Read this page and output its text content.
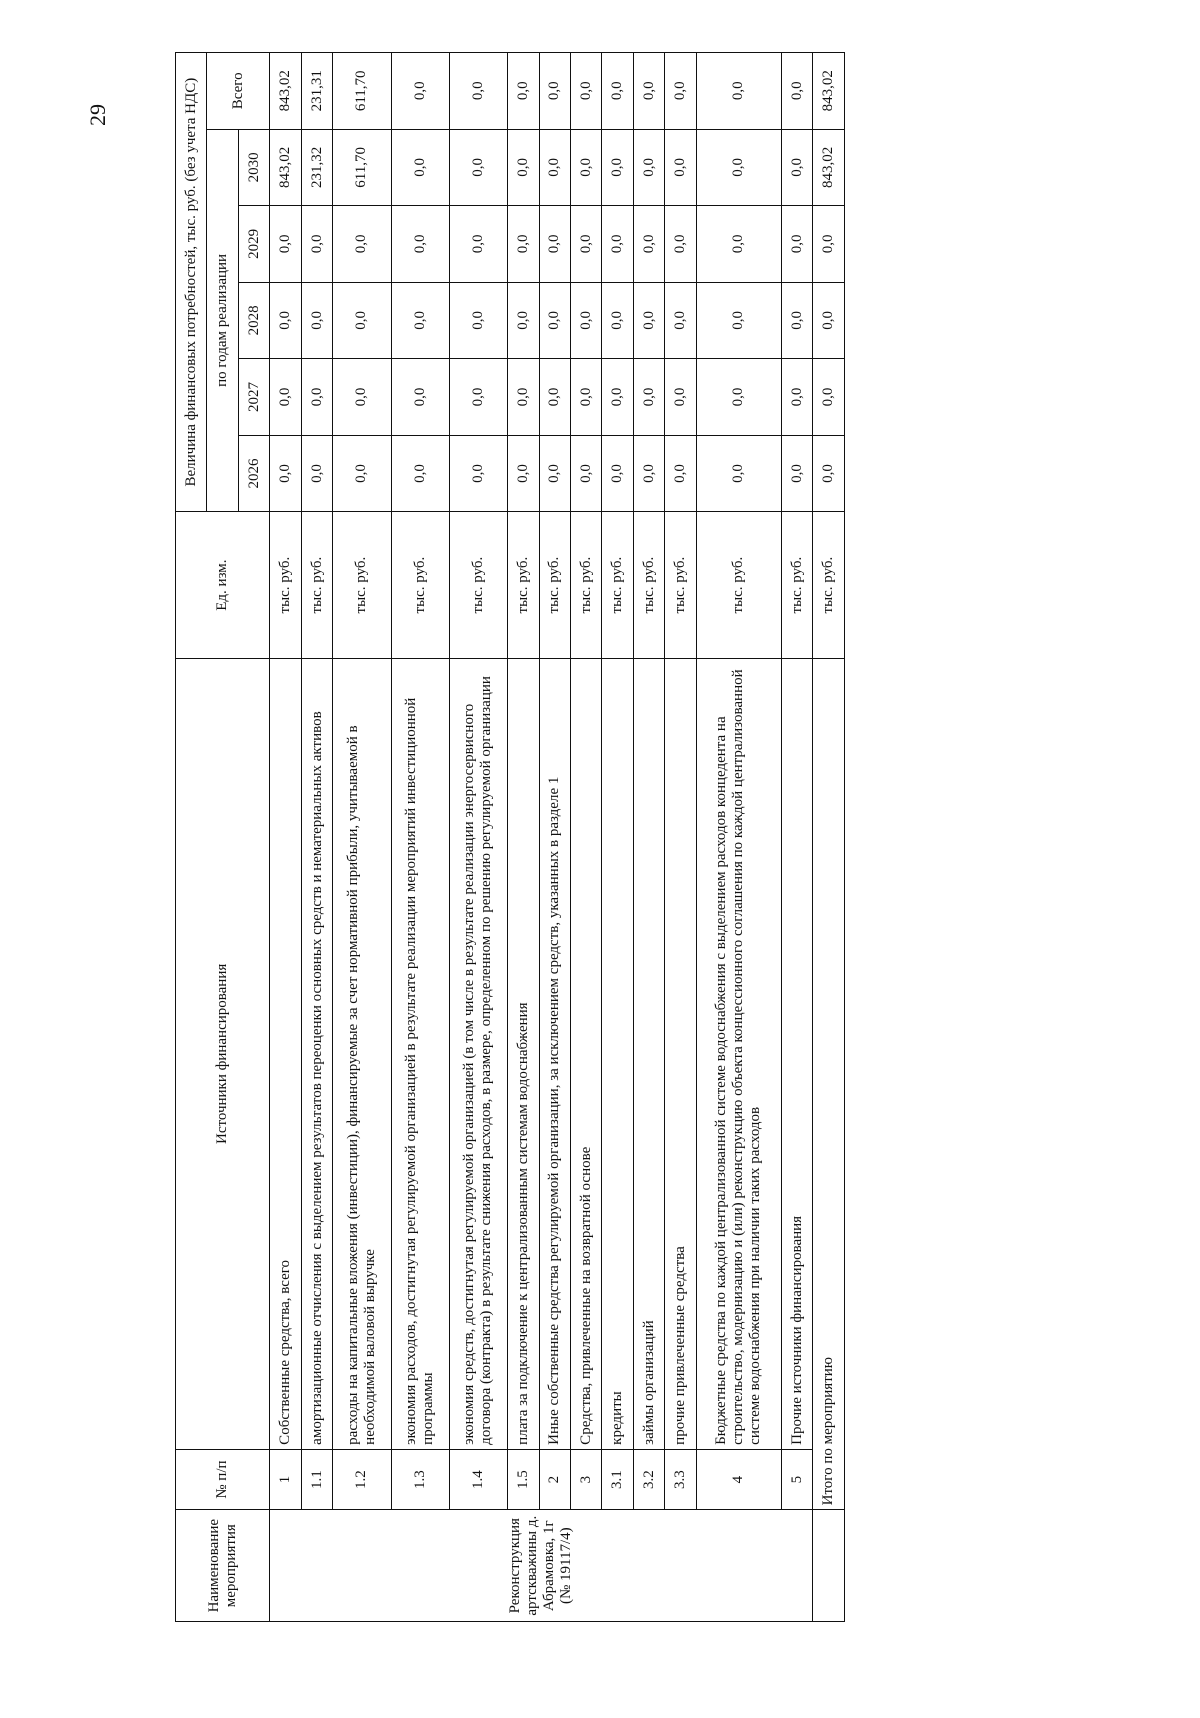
29
Наименование мероприятия	№ п/п	Источники финансирования	Ед. изм.	Величина финансовых потребностей, тыс. руб. (без учета НДС)					
				по годам реализации					Всего
				2026	2027	2028	2029	2030	
Реконструкция артскважины д. Абрамовка, 1г (№ 19117/4)	1	Собственные средства, всего	тыс. руб.	0,0	0,0	0,0	0,0	843,02	843,02
	1.1	амортизационные отчисления с выделением результатов переоценки основных средств и нематериальных активов	тыс. руб.	0,0	0,0	0,0	0,0	231,32	231,31
	1.2	расходы на капитальные вложения (инвестиции), финансируемые за счет нормативной прибыли, учитываемой в необходимой валовой выручке	тыс. руб.	0,0	0,0	0,0	0,0	611,70	611,70
	1.3	экономия расходов, достигнутая регулируемой организацией в результате реализации мероприятий инвестиционной программы	тыс. руб.	0,0	0,0	0,0	0,0	0,0	0,0
	1.4	экономия средств, достигнутая регулируемой организацией (в том числе в результате реализации энергосервисного договора (контракта) в результате снижения расходов, в размере, определенном по решению регулируемой организации	тыс. руб.	0,0	0,0	0,0	0,0	0,0	0,0
	1.5	плата за подключение к централизованным системам водоснабжения	тыс. руб.	0,0	0,0	0,0	0,0	0,0	0,0
	2	Иные собственные средства регулируемой организации, за исключением средств, указанных в разделе 1	тыс. руб.	0,0	0,0	0,0	0,0	0,0	0,0
	3	Средства, привлеченные на возвратной основе	тыс. руб.	0,0	0,0	0,0	0,0	0,0	0,0
	3.1	кредиты	тыс. руб.	0,0	0,0	0,0	0,0	0,0	0,0
	3.2	займы организаций	тыс. руб.	0,0	0,0	0,0	0,0	0,0	0,0
	3.3	прочие привлеченные средства	тыс. руб.	0,0	0,0	0,0	0,0	0,0	0,0
	4	Бюджетные средства по каждой централизованной системе водоснабжения с выделением расходов концедента на строительство, модернизацию и (или) реконструкцию объекта концессионного соглашения по каждой централизованной системе водоснабжения при наличии таких расходов	тыс. руб.	0,0	0,0	0,0	0,0	0,0	0,0
	5	Прочие источники финансирования	тыс. руб.	0,0	0,0	0,0	0,0	0,0	0,0
	Итого по мероприятию		тыс. руб.	0,0	0,0	0,0	0,0	843,02	843,02
